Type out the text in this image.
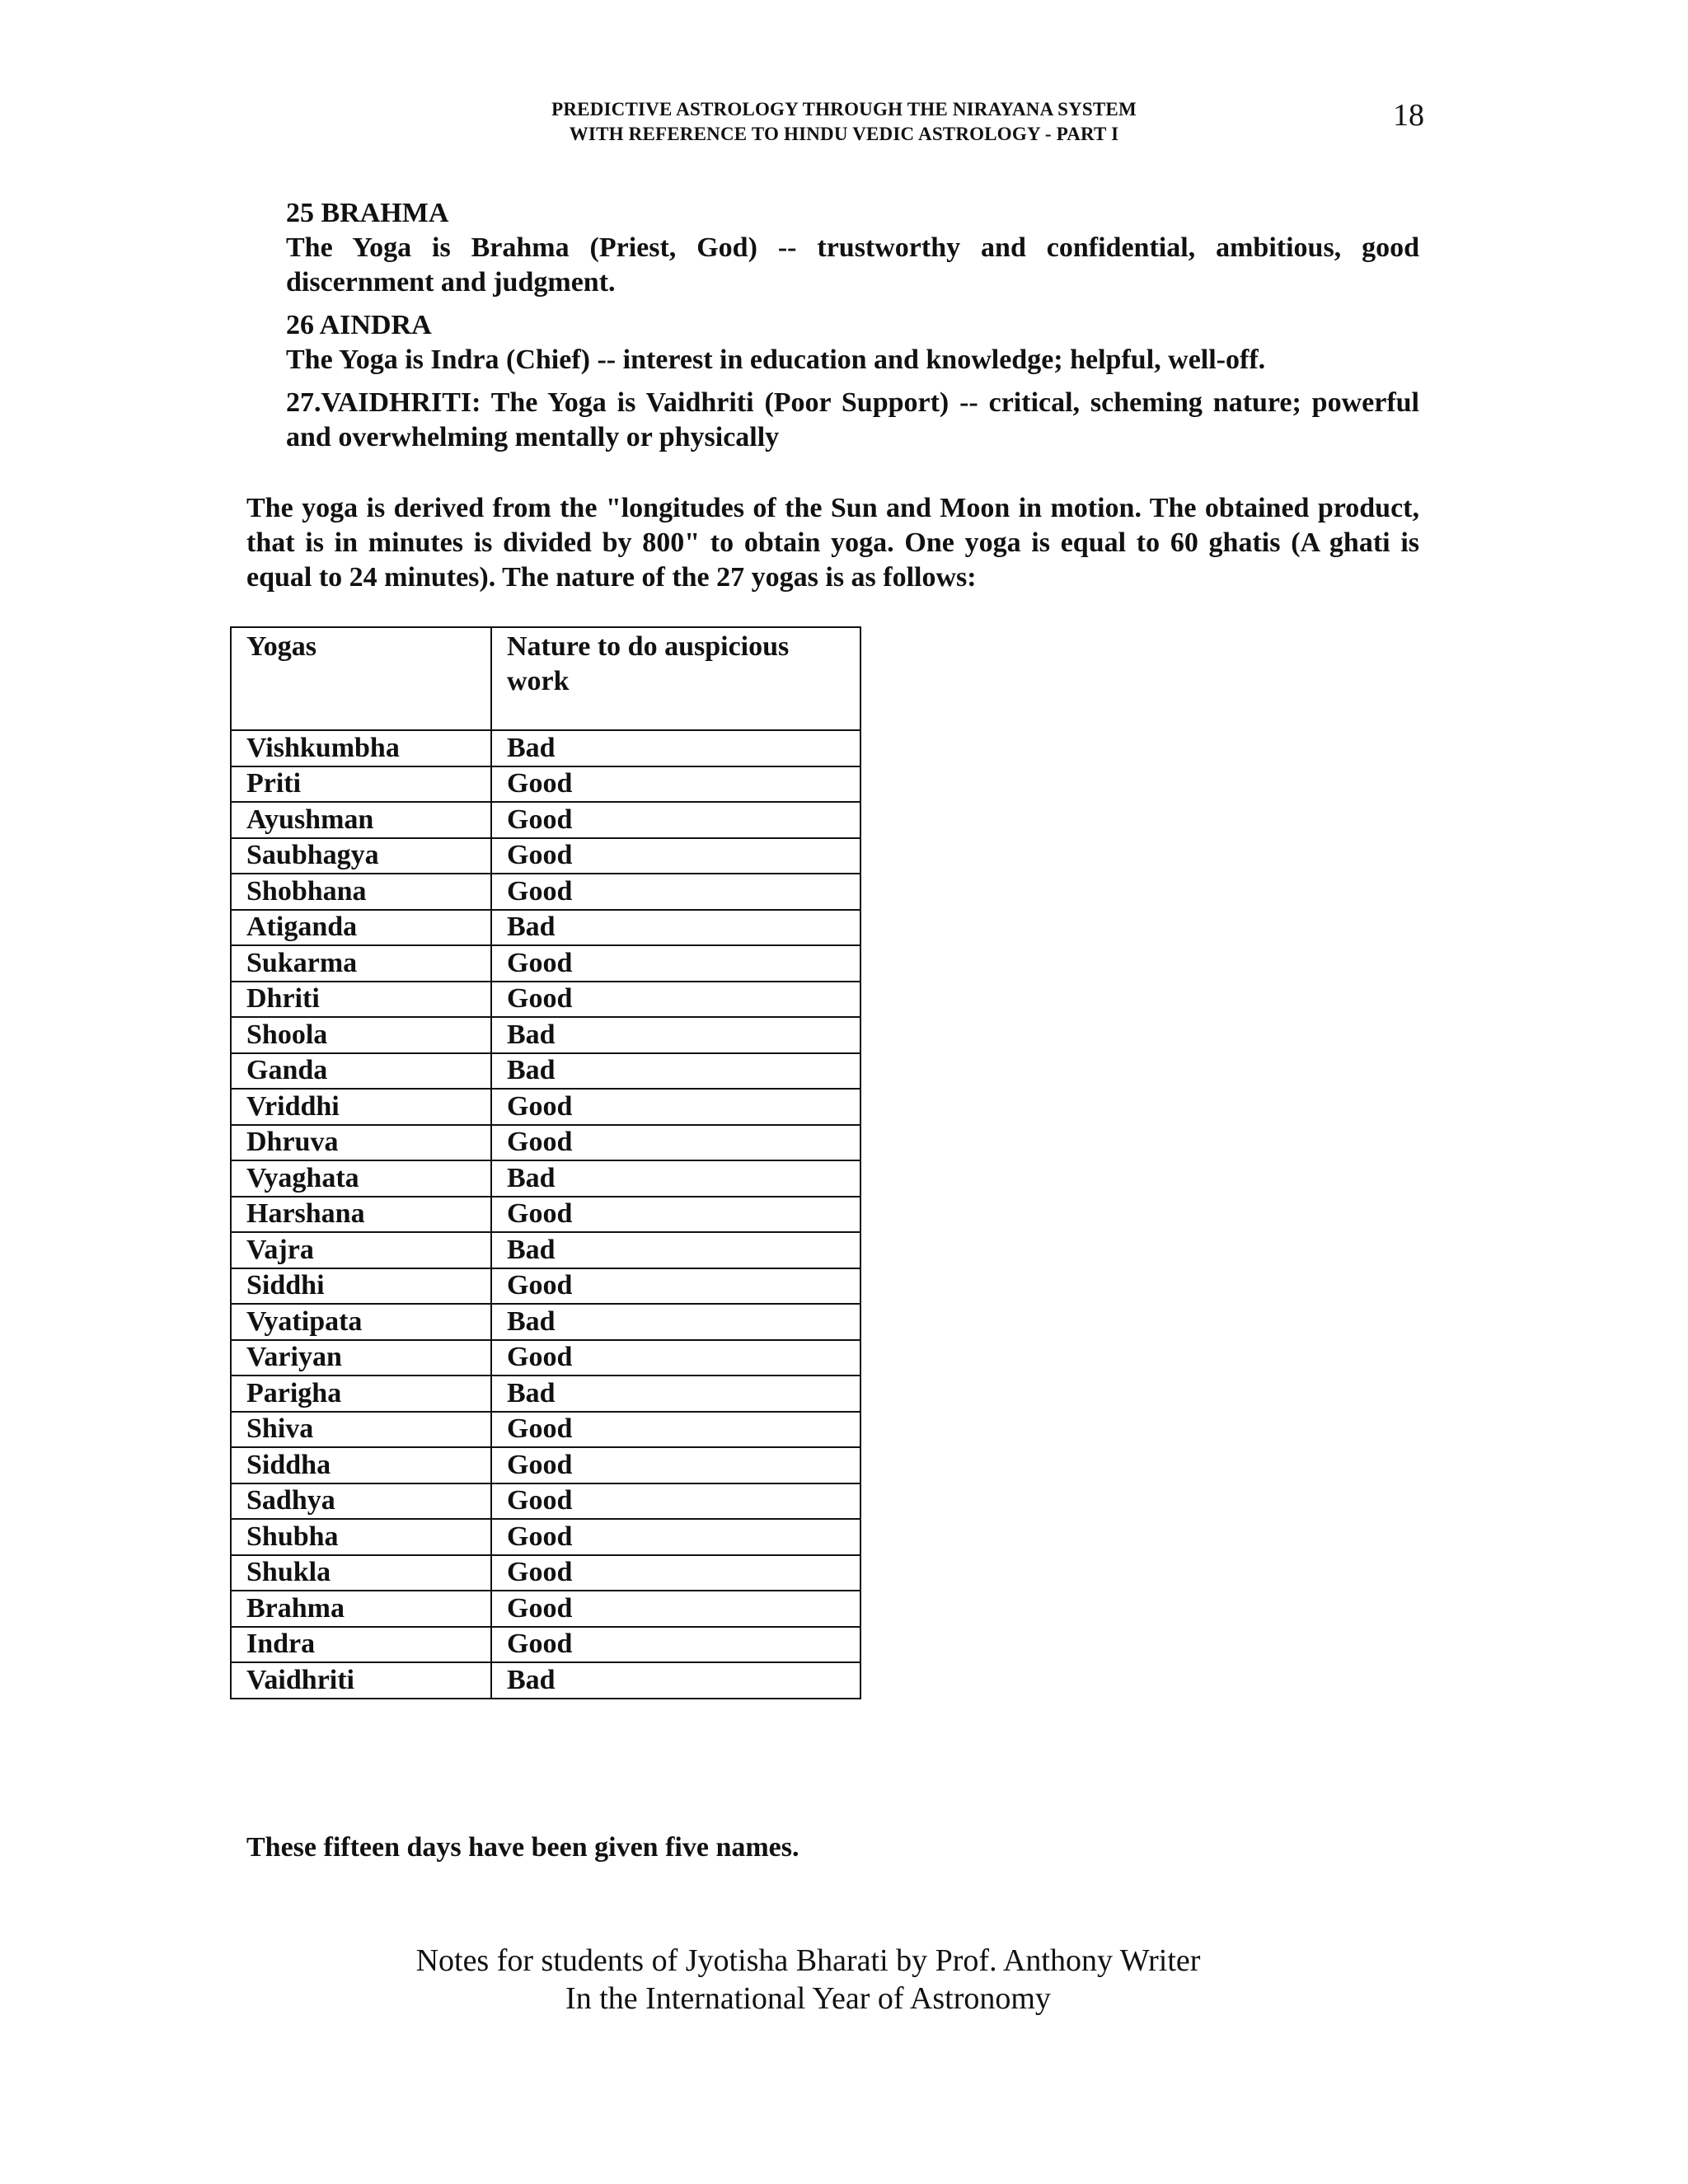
PREDICTIVE ASTROLOGY THROUGH THE NIRAYANA SYSTEM
WITH REFERENCE TO HINDU VEDIC ASTROLOGY - PART I
18
25 BRAHMA
The Yoga is Brahma (Priest, God) -- trustworthy and confidential, ambitious, good discernment and judgment.
26 AINDRA
The Yoga is Indra (Chief) -- interest in education and knowledge; helpful, well-off.
27.VAIDHRITI: The Yoga is Vaidhriti (Poor Support) -- critical, scheming nature; powerful and overwhelming mentally or physically
The yoga is derived from the "longitudes of the Sun and Moon in motion. The obtained product, that is in minutes is divided by 800" to obtain yoga. One yoga is equal to 60 ghatis (A ghati is equal to 24 minutes). The nature of the 27 yogas is as follows:
Yogas	Nature to do auspicious work
Vishkumbha	Bad
Priti	Good
Ayushman	Good
Saubhagya	Good
Shobhana	Good
Atiganda	Bad
Sukarma	Good
Dhriti	Good
Shoola	Bad
Ganda	Bad
Vriddhi	Good
Dhruva	Good
Vyaghata	Bad
Harshana	Good
Vajra	Bad
Siddhi	Good
Vyatipata	Bad
Variyan	Good
Parigha	Bad
Shiva	Good
Siddha	Good
Sadhya	Good
Shubha	Good
Shukla	Good
Brahma	Good
Indra	Good
Vaidhriti	Bad
These fifteen days have been given five names.
Notes for students of Jyotisha Bharati by Prof. Anthony Writer
In the International Year of Astronomy
